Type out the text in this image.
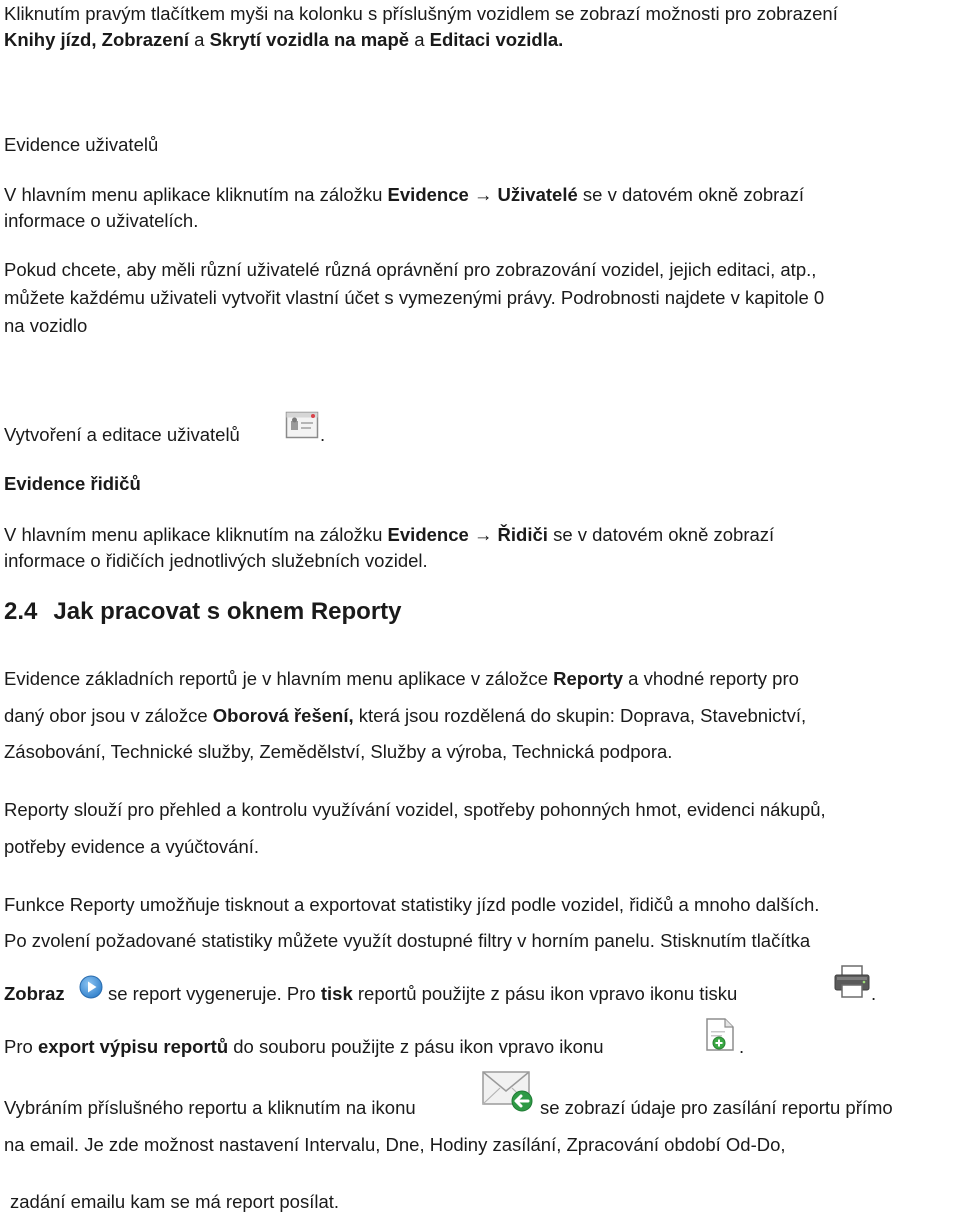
Kliknutím pravým tlačítkem myši na kolonku s příslušným vozidlem se zobrazí možnosti pro zobrazení
Knihy jízd, Zobrazení a Skrytí vozidla na mapě a Editaci vozidla.
Evidence uživatelů
V hlavním menu aplikace kliknutím na záložku Evidence → Uživatelé se v datovém okně zobrazí
informace o uživatelích.
Pokud chcete, aby měli různí uživatelé různá oprávnění pro zobrazování vozidel, jejich editaci, atp.,
můžete každému uživateli vytvořit vlastní účet s vymezenými právy. Podrobnosti najdete v kapitole 0
na vozidlo
Vytvoření a editace uživatelů	.
Evidence řidičů
V hlavním menu aplikace kliknutím na záložku Evidence → Řidiči se v datovém okně zobrazí
informace o řidičích jednotlivých služebních vozidel.
2.4 Jak pracovat s oknem Reporty
Evidence základních reportů je v hlavním menu aplikace v záložce Reporty a vhodné reporty pro
daný obor jsou v záložce Oborová řešení, která jsou rozdělená do skupin: Doprava, Stavebnictví,
Zásobování, Technické služby, Zemědělství, Služby a výroba, Technická podpora.
Reporty slouží pro přehled a kontrolu využívání vozidel, spotřeby pohonných hmot, evidenci nákupů,
potřeby evidence a vyúčtování.
Funkce Reporty umožňuje tisknout a exportovat statistiky jízd podle vozidel, řidičů a mnoho dalších.
Po zvolení požadované statistiky můžete využít dostupné filtry v horním panelu. Stisknutím tlačítka
Zobraz se report vygeneruje. Pro tisk reportů použijte z pásu ikon vpravo ikonu tisku	.
Pro export výpisu reportů do souboru použijte z pásu ikon vpravo ikonu	.
Vybráním příslušného reportu a kliknutím na ikonu	se zobrazí údaje pro zasílání reportu přímo
na email. Je zde možnost nastavení Intervalu, Dne, Hodiny zasílání, Zpracování období Od-Do,
zadání emailu kam se má report posílat.
